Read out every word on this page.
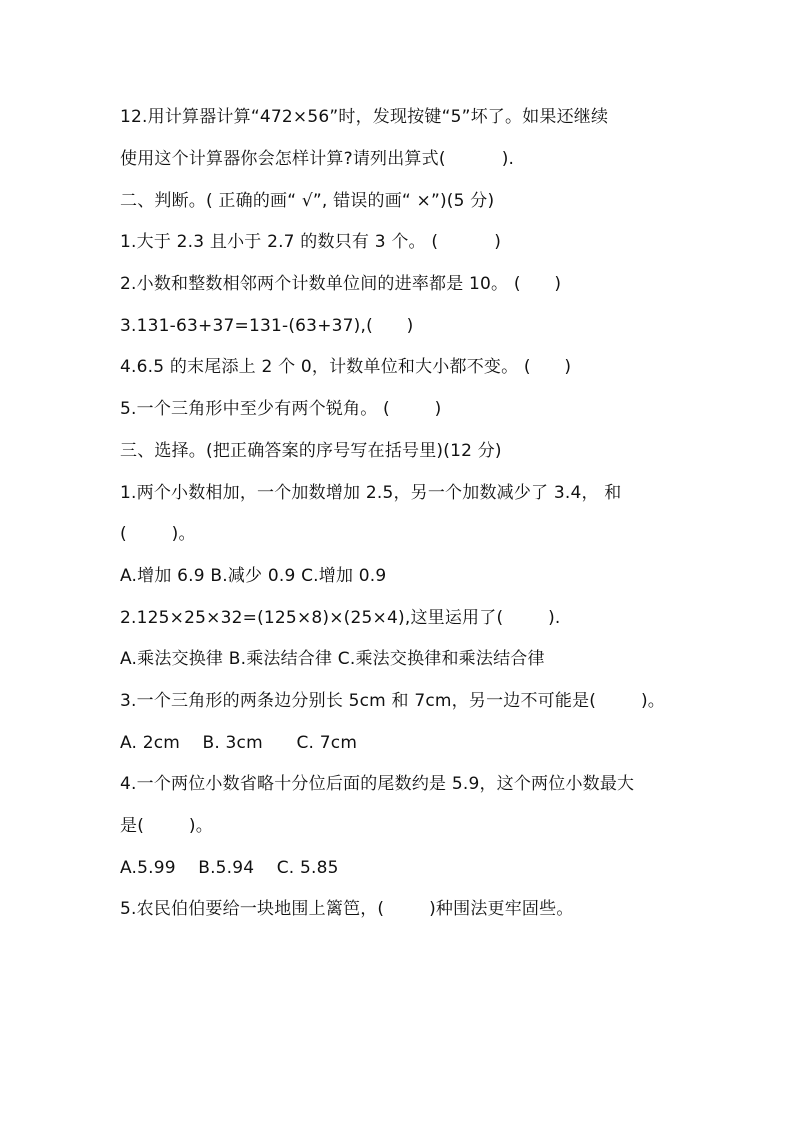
12.用计算器计算“472×56”时，发现按键“5”坏了。如果还继续
使用这个计算器你会怎样计算?请列出算式(          ).
二、判断。( 正确的画“ √”, 错误的画“ ×”)(5 分)
1.大于 2.3 且小于 2.7 的数只有 3 个。 (          )
2.小数和整数相邻两个计数单位间的进率都是 10。 (      )
3.131-63+37=131-(63+37),(      )
4.6.5 的末尾添上 2 个 0，计数单位和大小都不变。 (      )
5.一个三角形中至少有两个锐角。 (        )
三、选择。(把正确答案的序号写在括号里)(12 分)
1.两个小数相加，一个加数增加 2.5，另一个加数减少了 3.4， 和
(        )。
A.增加 6.9 B.减少 0.9 C.增加 0.9
2.125×25×32=(125×8)×(25×4),这里运用了(        ).
A.乘法交换律 B.乘法结合律 C.乘法交换律和乘法结合律
3.一个三角形的两条边分别长 5cm 和 7cm，另一边不可能是(        )。
A. 2cm    B. 3cm      C. 7cm
4.一个两位小数省略十分位后面的尾数约是 5.9，这个两位小数最大
是(        )。
A.5.99    B.5.94    C. 5.85
5.农民伯伯要给一块地围上篱笆，(        )种围法更牢固些。
